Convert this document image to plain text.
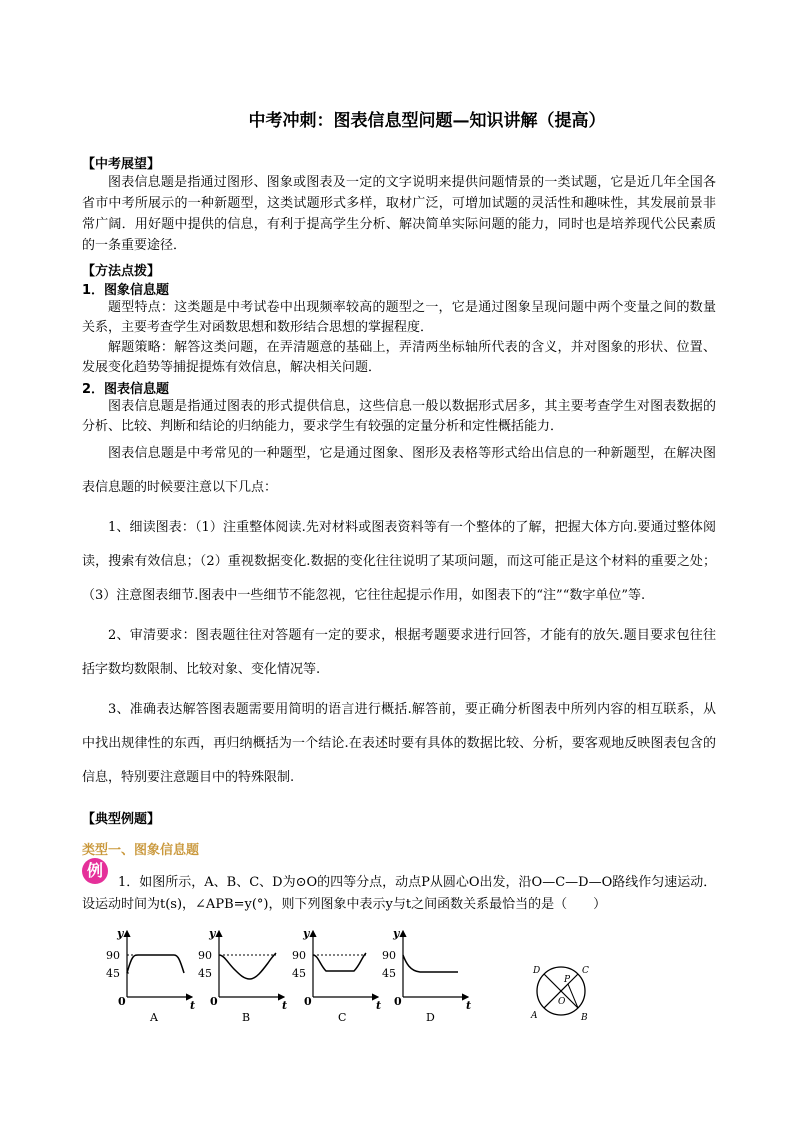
中考冲刺：图表信息型问题—知识讲解（提高）
【中考展望】

图表信息题是指通过图形、图象或图表及一定的文字说明来提供问题情景的一类试题，它是近几年全国各省市中考所展示的一种新题型，这类试题形式多样，取材广泛，可增加试题的灵活性和趣味性，其发展前景非常广阔．用好题中提供的信息，有利于提高学生分析、解决简单实际问题的能力，同时也是培养现代公民素质的一条重要途径．

【方法点拨】
1．图象信息题

题型特点：这类题是中考试卷中出现频率较高的题型之一，它是通过图象呈现问题中两个变量之间的数量关系，主要考查学生对函数思想和数形结合思想的掌握程度．

解题策略：解答这类问题，在弄清题意的基础上，弄清两坐标轴所代表的含义，并对图象的形状、位置、发展变化趋势等捕捉提炼有效信息，解决相关问题．

2．图表信息题

图表信息题是指通过图表的形式提供信息，这些信息一般以数据形式居多，其主要考查学生对图表数据的分析、比较、判断和结论的归纳能力，要求学生有较强的定量分析和定性概括能力．

图表信息题是中考常见的一种题型，它是通过图象、图形及表格等形式给出信息的一种新题型，在解决图表信息题的时候要注意以下几点：

1、细读图表：（1）注重整体阅读.先对材料或图表资料等有一个整体的了解，把握大体方向.要通过整体阅读，搜索有效信息；（2）重视数据变化.数据的变化往往说明了某项问题，而这可能正是这个材料的重要之处；（3）注意图表细节.图表中一些细节不能忽视，它往往起提示作用，如图表下的“注”“数字单位”等.

2、审清要求：图表题往往对答题有一定的要求，根据考题要求进行回答，才能有的放矢.题目要求包往往括字数均数限制、比较对象、变化情况等.

3、准确表达解答图表题需要用简明的语言进行概括.解答前，要正确分析图表中所列内容的相互联系，从中找出规律性的东西，再归纳概括为一个结论.在表述时要有具体的数据比较、分析，要客观地反映图表包含的信息，特别要注意题目中的特殊限制.

【典型例题】
类型一、图象信息题
例
1．如图所示，A、B、C、D为⊙O的四等分点，动点P从圆心O出发，沿O—C—D—O路线作匀速运动．设运动时间为t(s)，∠APB=y(°)，则下列图象中表示y与t之间函数关系最恰当的是（　　）
y
90
45
0	t
A
y
90
45
0	t
B
y
90
45
0	t
C
y
90
45
0	t
D
D	C
A	B
O
P
